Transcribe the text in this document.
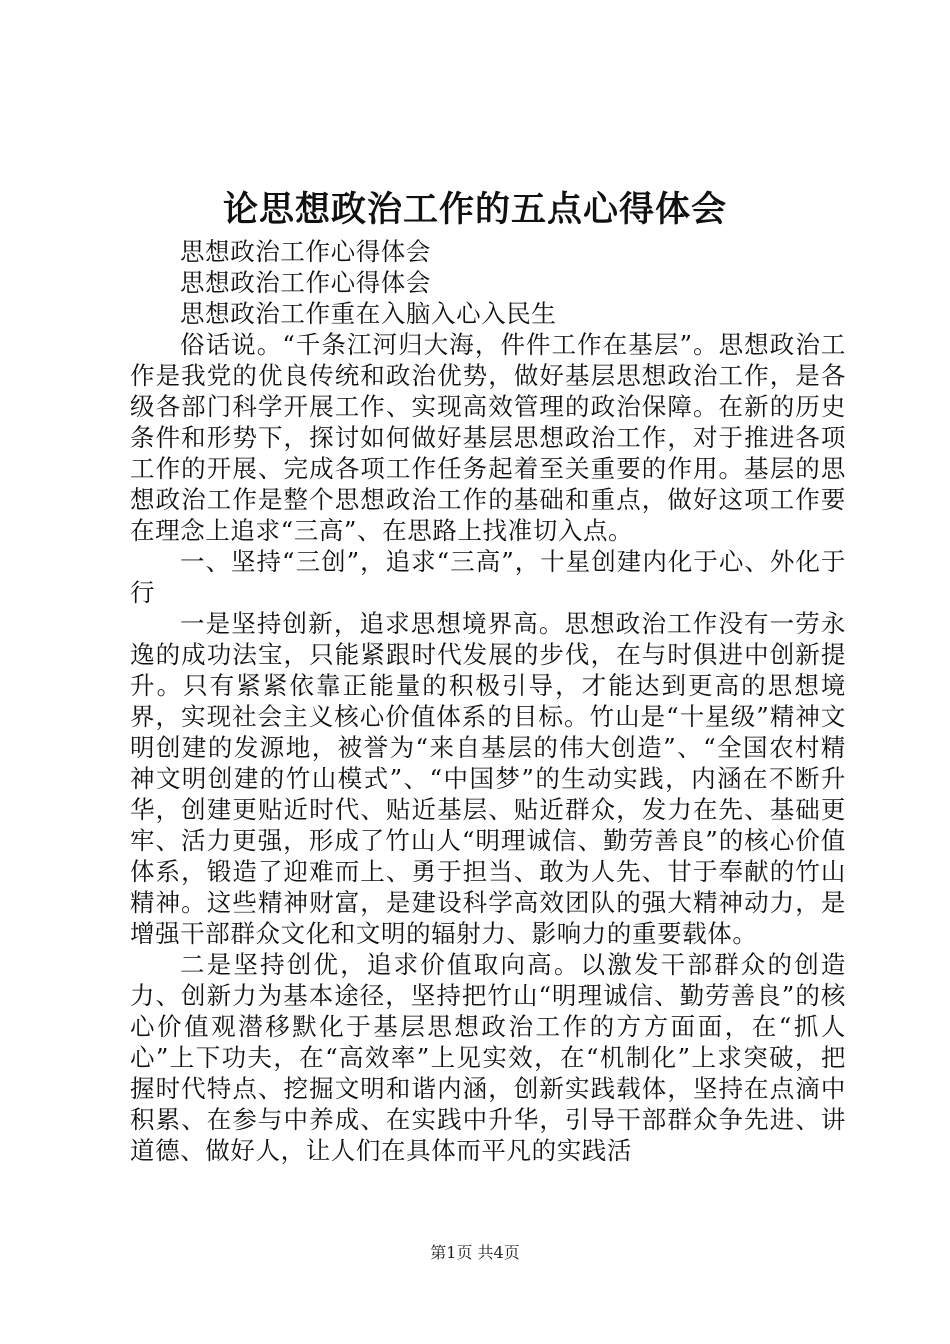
论思想政治工作的五点心得体会

思想政治工作心得体会

思想政治工作心得体会

思想政治工作重在入脑入心入民生

俗话说。“千条江河归大海，件件工作在基层”。思想政治工作是我党的优良传统和政治优势，做好基层思想政治工作，是各级各部门科学开展工作、实现高效管理的政治保障。在新的历史条件和形势下，探讨如何做好基层思想政治工作，对于推进各项工作的开展、完成各项工作任务起着至关重要的作用。基层的思想政治工作是整个思想政治工作的基础和重点，做好这项工作要在理念上追求“三高”、在思路上找准切入点。

一、坚持“三创”，追求“三高”，十星创建内化于心、外化于行

一是坚持创新，追求思想境界高。思想政治工作没有一劳永逸的成功法宝，只能紧跟时代发展的步伐，在与时俱进中创新提升。只有紧紧依靠正能量的积极引导，才能达到更高的思想境界，实现社会主义核心价值体系的目标。竹山是“十星级”精神文明创建的发源地，被誉为“来自基层的伟大创造”、“全国农村精神文明创建的竹山模式”、“中国梦”的生动实践，内涵在不断升华，创建更贴近时代、贴近基层、贴近群众，发力在先、基础更牢、活力更强，形成了竹山人“明理诚信、勤劳善良”的核心价值体系，锻造了迎难而上、勇于担当、敢为人先、甘于奉献的竹山精神。这些精神财富，是建设科学高效团队的强大精神动力，是增强干部群众文化和文明的辐射力、影响力的重要载体。

二是坚持创优，追求价值取向高。以激发干部群众的创造力、创新力为基本途径，坚持把竹山“明理诚信、勤劳善良”的核心价值观潜移默化于基层思想政治工作的方方面面，在“抓人心”上下功夫，在“高效率”上见实效，在“机制化”上求突破，把握时代特点、挖掘文明和谐内涵，创新实践载体，坚持在点滴中积累、在参与中养成、在实践中升华，引导干部群众争先进、讲道德、做好人，让人们在具体而平凡的实践活

第1页 共4页
